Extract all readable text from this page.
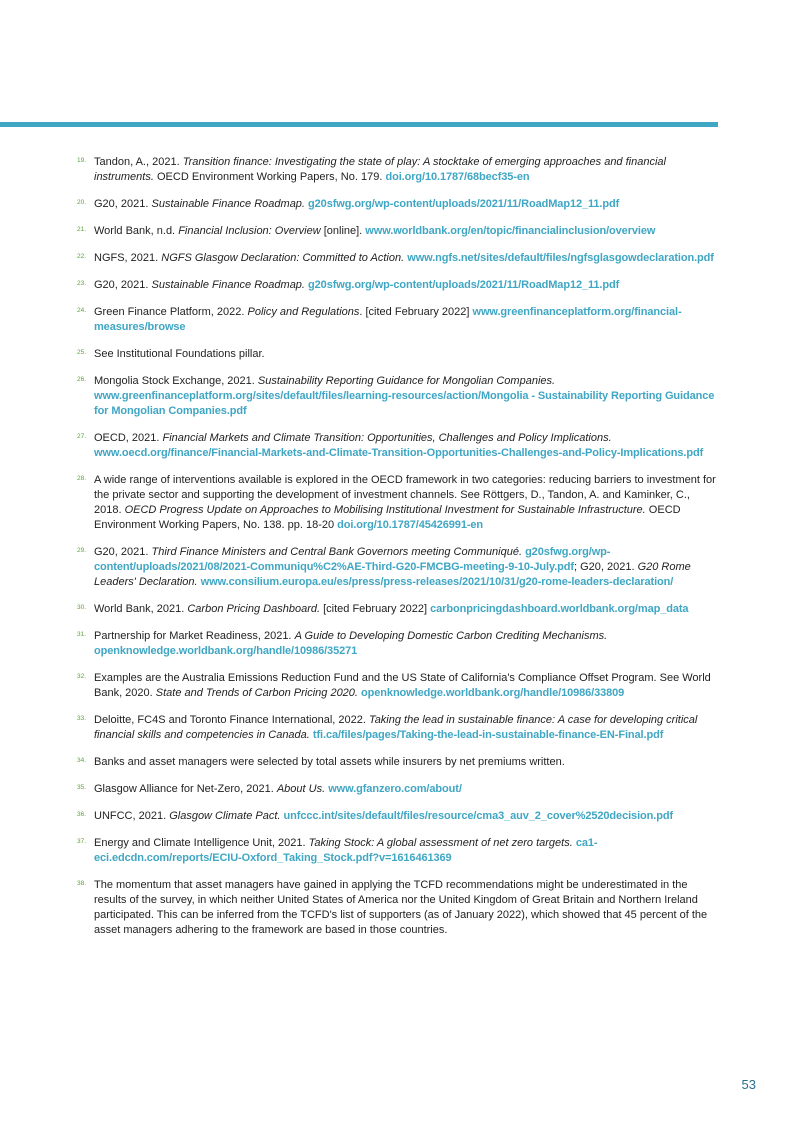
19. Tandon, A., 2021. Transition finance: Investigating the state of play: A stocktake of emerging approaches and financial instruments. OECD Environment Working Papers, No. 179. doi.org/10.1787/68becf35-en
20. G20, 2021. Sustainable Finance Roadmap. g20sfwg.org/wp-content/uploads/2021/11/RoadMap12_11.pdf
21. World Bank, n.d. Financial Inclusion: Overview [online]. www.worldbank.org/en/topic/financialinclusion/overview
22. NGFS, 2021. NGFS Glasgow Declaration: Committed to Action. www.ngfs.net/sites/default/files/ngfsglasgowdeclaration.pdf
23. G20, 2021. Sustainable Finance Roadmap. g20sfwg.org/wp-content/uploads/2021/11/RoadMap12_11.pdf
24. Green Finance Platform, 2022. Policy and Regulations. [cited February 2022] www.greenfinanceplatform.org/financial-measures/browse
25. See Institutional Foundations pillar.
26. Mongolia Stock Exchange, 2021. Sustainability Reporting Guidance for Mongolian Companies. www.greenfinanceplatform.org/sites/default/files/learning-resources/action/Mongolia - Sustainability Reporting Guidance for Mongolian Companies.pdf
27. OECD, 2021. Financial Markets and Climate Transition: Opportunities, Challenges and Policy Implications. www.oecd.org/finance/Financial-Markets-and-Climate-Transition-Opportunities-Challenges-and-Policy-Implications.pdf
28. A wide range of interventions available is explored in the OECD framework in two categories: reducing barriers to investment for the private sector and supporting the development of investment channels. See Röttgers, D., Tandon, A. and Kaminker, C., 2018. OECD Progress Update on Approaches to Mobilising Institutional Investment for Sustainable Infrastructure. OECD Environment Working Papers, No. 138. pp. 18-20 doi.org/10.1787/45426991-en
29. G20, 2021. Third Finance Ministers and Central Bank Governors meeting Communiqué. g20sfwg.org/wp-content/uploads/2021/08/2021-Communiqu%C2%AE-Third-G20-FMCBG-meeting-9-10-July.pdf; G20, 2021. G20 Rome Leaders' Declaration. www.consilium.europa.eu/es/press/press-releases/2021/10/31/g20-rome-leaders-declaration/
30. World Bank, 2021. Carbon Pricing Dashboard. [cited February 2022] carbonpricingdashboard.worldbank.org/map_data
31. Partnership for Market Readiness, 2021. A Guide to Developing Domestic Carbon Crediting Mechanisms. openknowledge.worldbank.org/handle/10986/35271
32. Examples are the Australia Emissions Reduction Fund and the US State of California's Compliance Offset Program. See World Bank, 2020. State and Trends of Carbon Pricing 2020. openknowledge.worldbank.org/handle/10986/33809
33. Deloitte, FC4S and Toronto Finance International, 2022. Taking the lead in sustainable finance: A case for developing critical financial skills and competencies in Canada. tfi.ca/files/pages/Taking-the-lead-in-sustainable-finance-EN-Final.pdf
34. Banks and asset managers were selected by total assets while insurers by net premiums written.
35. Glasgow Alliance for Net-Zero, 2021. About Us. www.gfanzero.com/about/
36. UNFCC, 2021. Glasgow Climate Pact. unfccc.int/sites/default/files/resource/cma3_auv_2_cover%2520decision.pdf
37. Energy and Climate Intelligence Unit, 2021. Taking Stock: A global assessment of net zero targets. ca1-eci.edcdn.com/reports/ECIU-Oxford_Taking_Stock.pdf?v=1616461369
38. The momentum that asset managers have gained in applying the TCFD recommendations might be underestimated in the results of the survey, in which neither United States of America nor the United Kingdom of Great Britain and Northern Ireland participated. This can be inferred from the TCFD's list of supporters (as of January 2022), which showed that 45 percent of the asset managers adhering to the framework are based in those countries.
53
